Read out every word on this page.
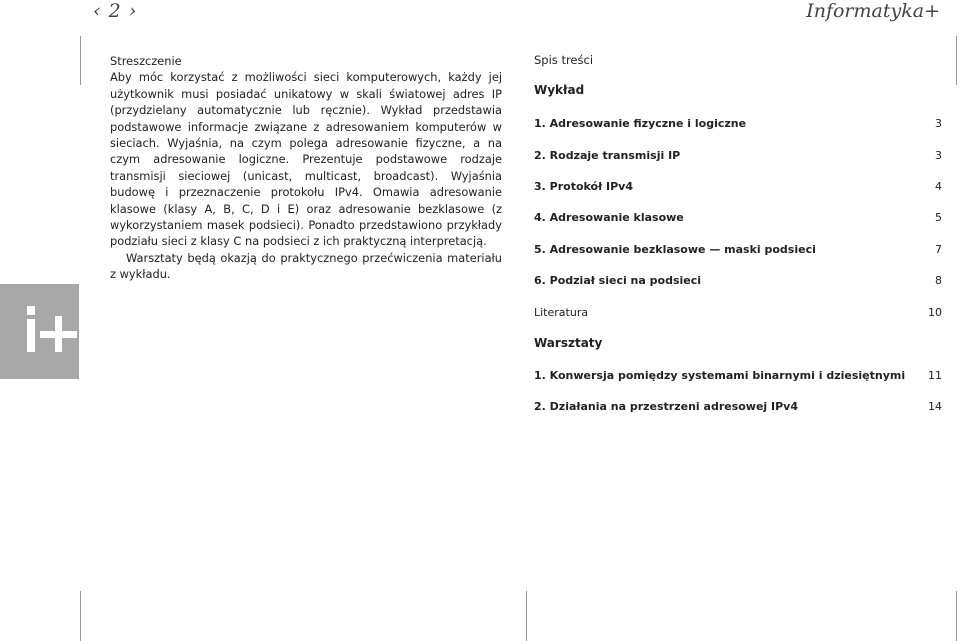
‹ 2 ›	Informatyka+

Streszczenie

Aby móc korzystać z możliwości sieci komputerowych, każdy jej użytkownik musi posiadać unikatowy w skali światowej adres IP (przydzielany automatycznie lub ręcznie). Wykład przedstawia podstawowe informacje związane z adresowaniem komputerów w sieciach. Wyjaśnia, na czym polega adresowanie fizyczne, a na czym adresowanie logiczne. Prezentuje podstawowe rodzaje transmisji sieciowej (unicast, multicast, broadcast). Wyjaśnia budowę i przeznaczenie protokołu IPv4. Omawia adresowanie klasowe (klasy A, B, C, D i E) oraz adresowanie bezklasowe (z wykorzystaniem masek podsieci). Ponadto przedstawiono przykłady podziału sieci z klasy C na podsieci z ich praktyczną interpretacją.

Warsztaty będą okazją do praktycznego przećwiczenia materiału z wykładu.

Spis treści
Wykład
1. Adresowanie fizyczne i logiczne	3
2. Rodzaje transmisji IP	3
3. Protokół IPv4	4
4. Adresowanie klasowe	5
5. Adresowanie bezklasowe — maski podsieci	7
6. Podział sieci na podsieci	8
Literatura	10
Warsztaty
1. Konwersja pomiędzy systemami binarnymi i dziesiętnymi 11
2. Działania na przestrzeni adresowej IPv4	14
